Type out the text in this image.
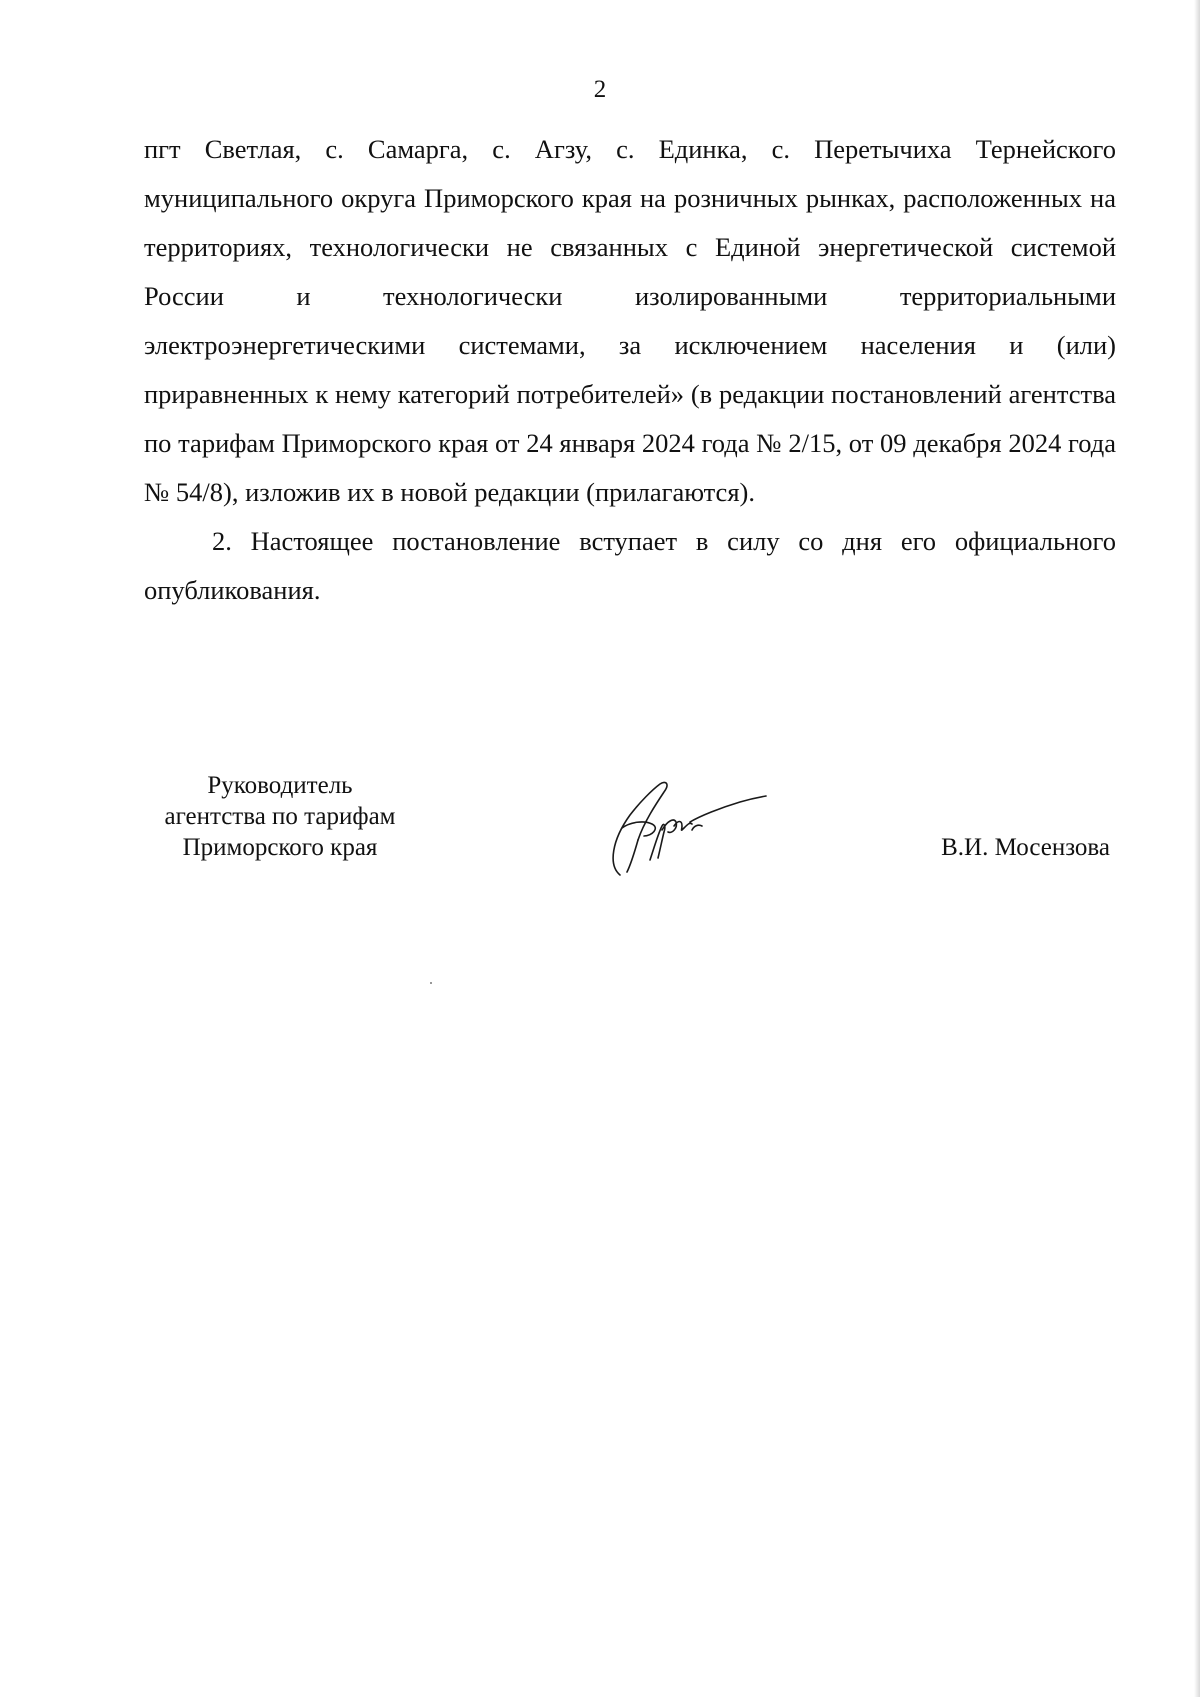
2

пгт Светлая, с. Самарга, с. Агзу, с. Единка, с. Перетычиха Тернейского муниципального округа Приморского края на розничных рынках, расположенных на территориях, технологически не связанных с Единой энергетической системой России и технологически изолированными территориальными электроэнергетическими системами, за исключением населения и (или) приравненных к нему категорий потребителей» (в редакции постановлений агентства по тарифам Приморского края от 24 января 2024 года № 2/15, от 09 декабря 2024 года № 54/8), изложив их в новой редакции (прилагаются).

2. Настоящее постановление вступает в силу со дня его официального опубликования.

Руководитель
агентства по тарифам
Приморского края	В.И. Мосензова
